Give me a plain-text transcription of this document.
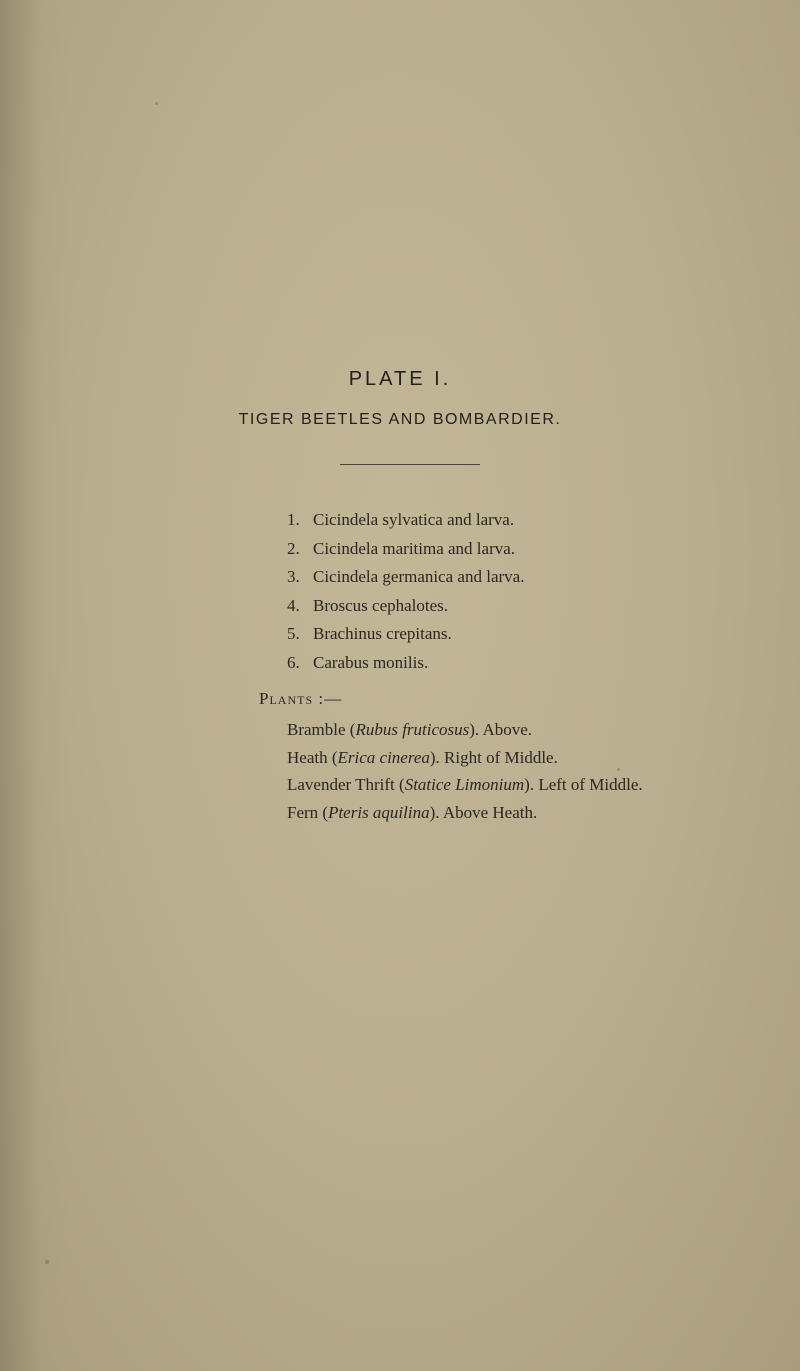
PLATE I.
TIGER BEETLES AND BOMBARDIER.
1. Cicindela sylvatica and larva.
2. Cicindela maritima and larva.
3. Cicindela germanica and larva.
4. Broscus cephalotes.
5. Brachinus crepitans.
6. Carabus monilis.
Plants :—
Bramble (Rubus fruticosus). Above.
Heath (Erica cinerea). Right of Middle.
Lavender Thrift (Statice Limonium). Left of Middle.
Fern (Pteris aquilina). Above Heath.
